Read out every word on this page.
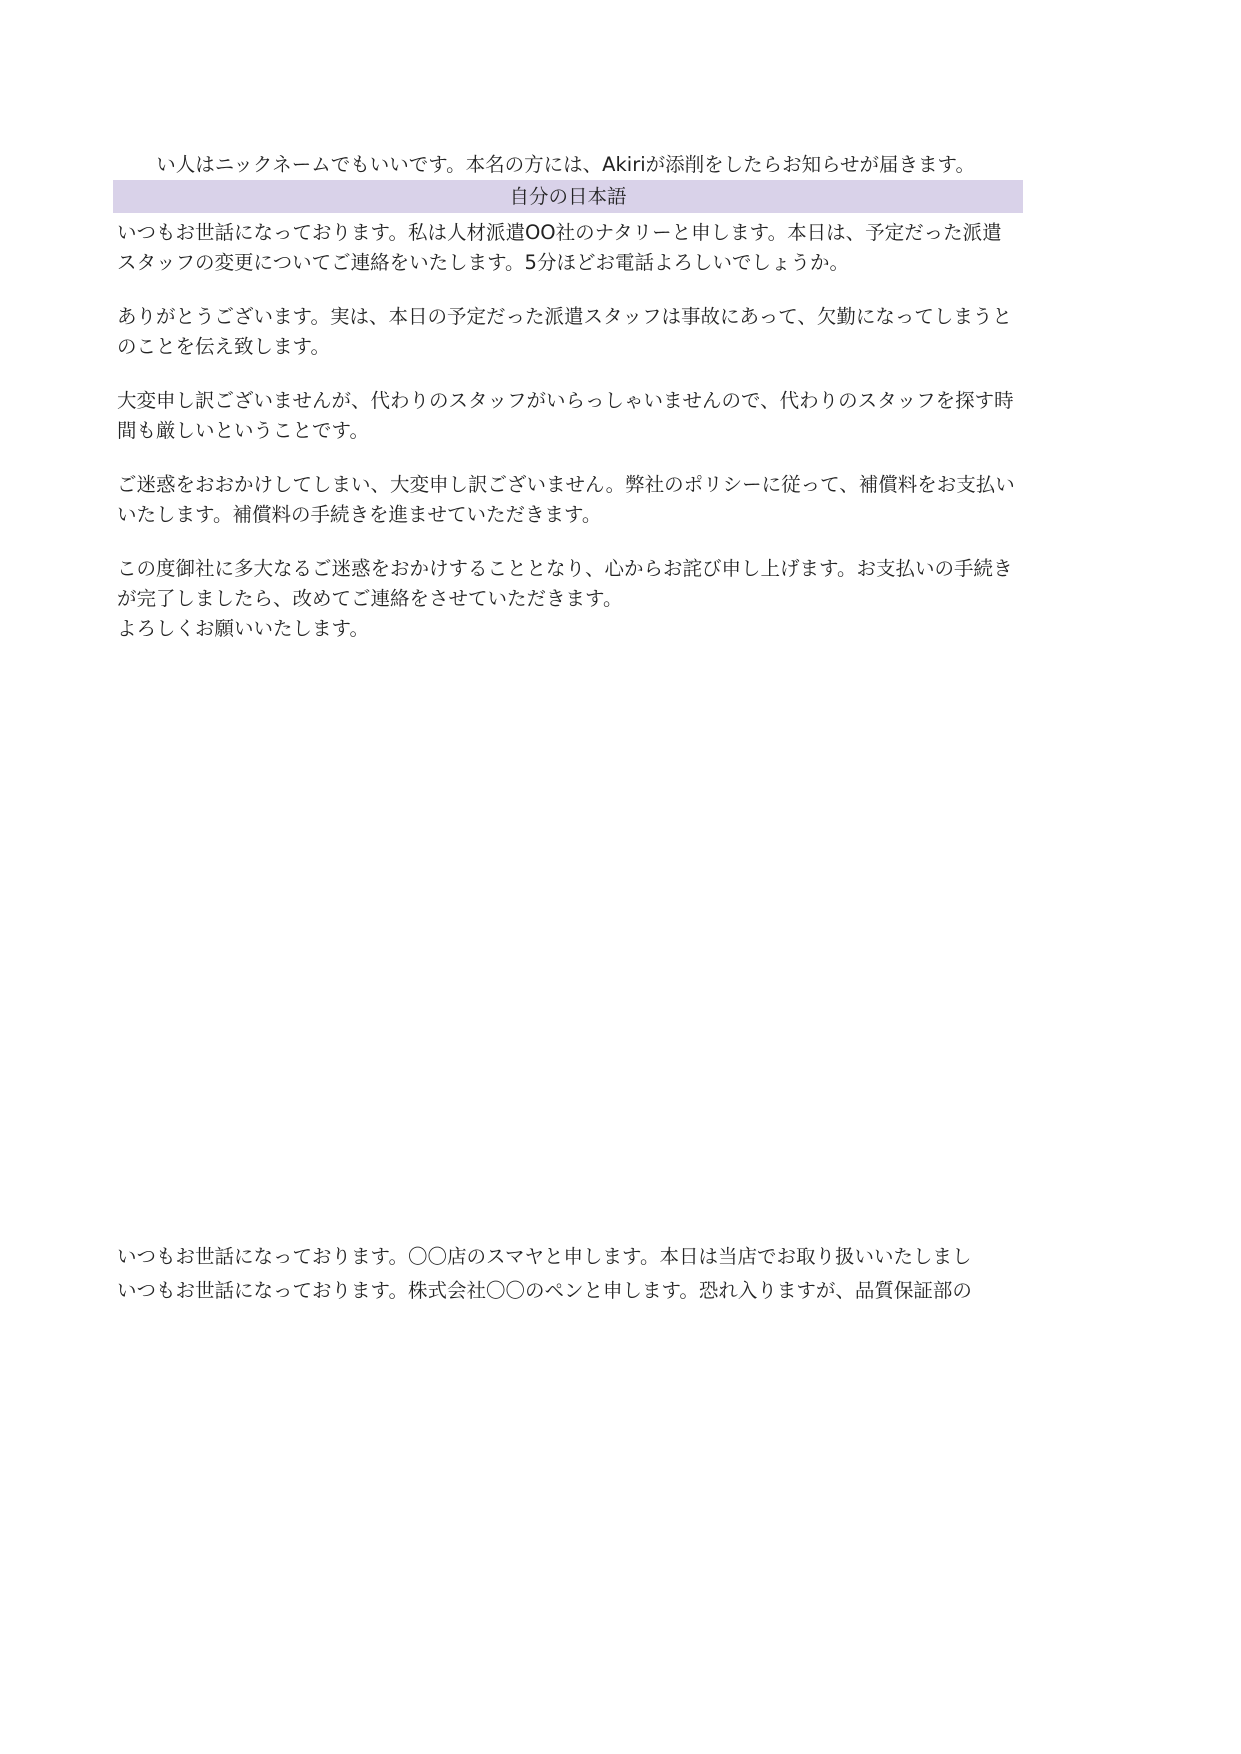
い人はニックネームでもいいです。本名の方には、Akiriが添削をしたらお知らせが届きます。
自分の日本語

いつもお世話になっております。私は人材派遣OO社のナタリーと申します。本日は、予定だった派遣スタッフの変更についてご連絡をいたします。5分ほどお電話よろしいでしょうか。

ありがとうございます。実は、本日の予定だった派遣スタッフは事故にあって、欠勤になってしまうとのことを伝え致します。

大変申し訳ございませんが、代わりのスタッフがいらっしゃいませんので、代わりのスタッフを探す時間も厳しいということです。

ご迷惑をおおかけしてしまい、大変申し訳ございません。弊社のポリシーに従って、補償料をお支払いいたします。補償料の手続きを進ませていただきます。

この度御社に多大なるご迷惑をおかけすることとなり、心からお詫び申し上げます。お支払いの手続きが完了しましたら、改めてご連絡をさせていただきます。
よろしくお願いいたします。

いつもお世話になっております。〇〇店のスマヤと申します。本日は当店でお取り扱いいたしまし
いつもお世話になっております。株式会社〇〇のペンと申します。恐れ入りますが、品質保証部の
